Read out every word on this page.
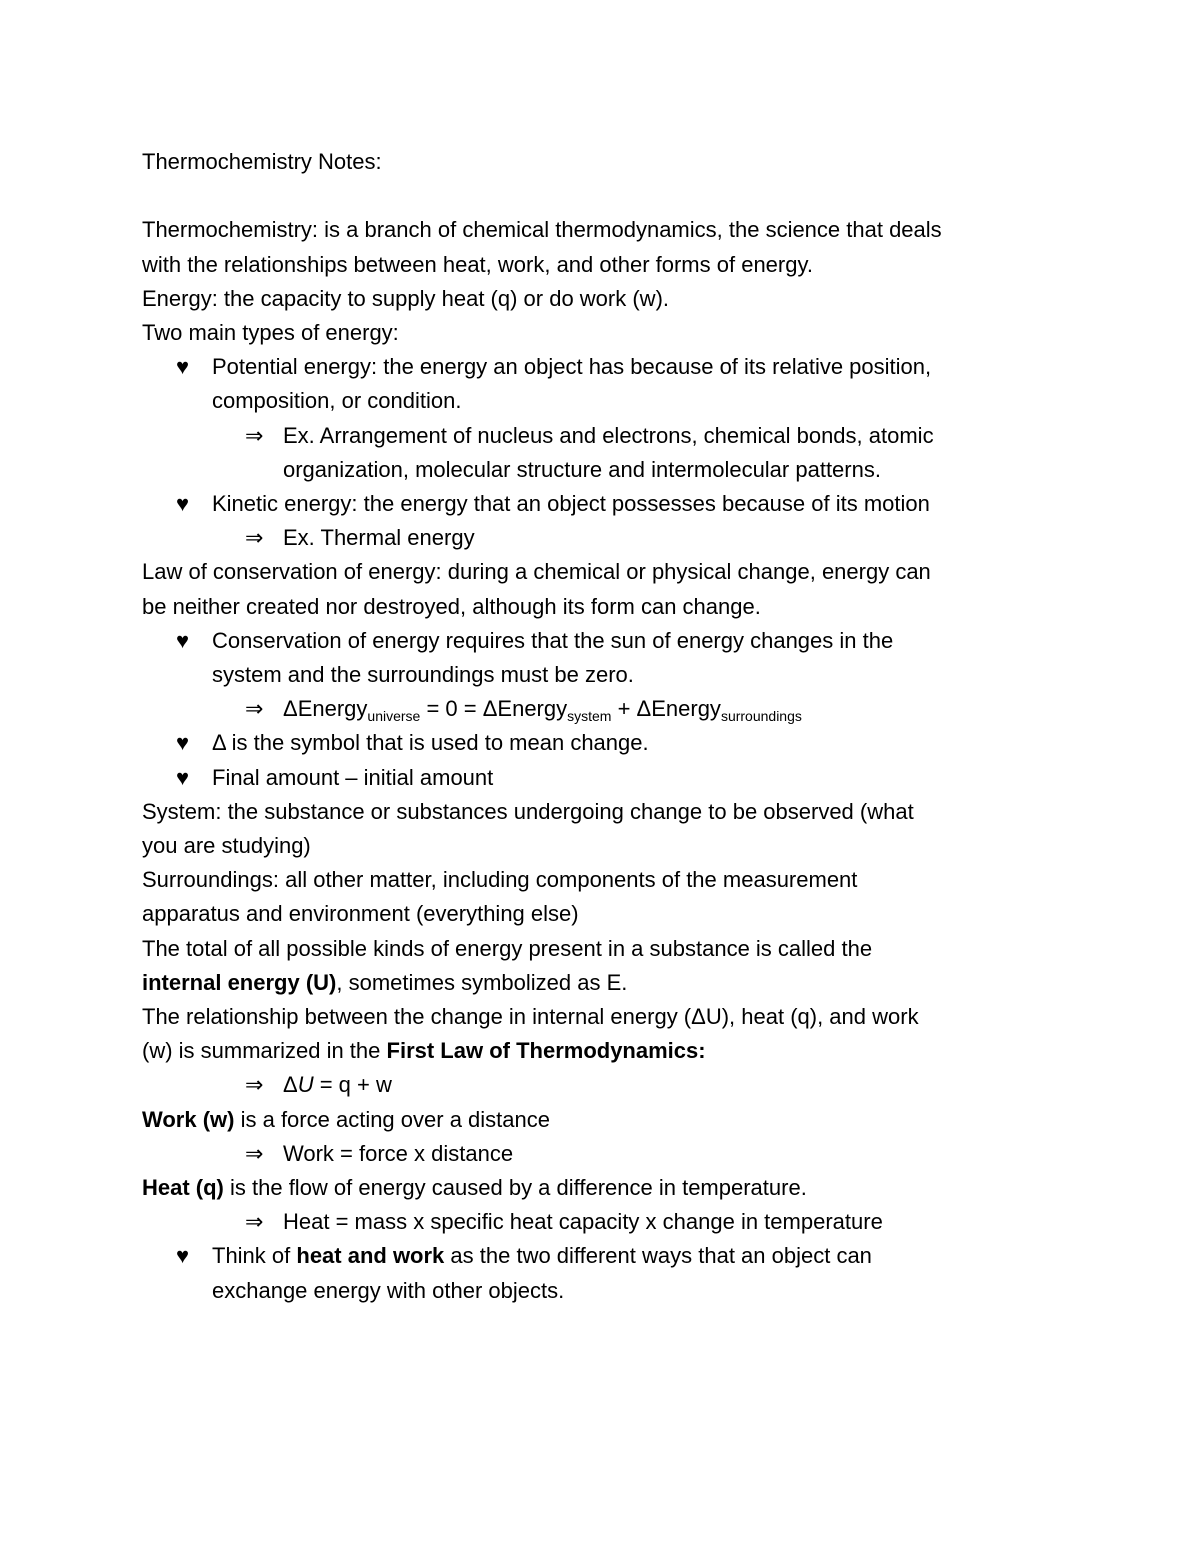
Thermochemistry Notes:

Thermochemistry: is a branch of chemical thermodynamics, the science that deals

with the relationships between heat, work, and other forms of energy.

Energy: the capacity to supply heat (q) or do work (w).

Two main types of energy:

♥ Potential energy: the energy an object has because of its relative position,

composition, or condition.

⇒ Ex. Arrangement of nucleus and electrons, chemical bonds, atomic

organization, molecular structure and intermolecular patterns.

♥ Kinetic energy: the energy that an object possesses because of its motion

⇒ Ex. Thermal energy

Law of conservation of energy: during a chemical or physical change, energy can

be neither created nor destroyed, although its form can change.

♥ Conservation of energy requires that the sun of energy changes in the

system and the surroundings must be zero.

⇒ ΔEnergy$_{universe}$ = 0 = ΔEnergy$_{system}$ + ΔEnergy$_{surroundings}$

♥ Δ is the symbol that is used to mean change.

♥ Final amount – initial amount

System: the substance or substances undergoing change to be observed (what

you are studying)

Surroundings: all other matter, including components of the measurement

apparatus and environment (everything else)

The total of all possible kinds of energy present in a substance is called the

internal energy (U), sometimes symbolized as E.

The relationship between the change in internal energy (ΔU), heat (q), and work

(w) is summarized in the First Law of Thermodynamics:

⇒ ΔU = q + w

Work (w) is a force acting over a distance

⇒ Work = force x distance

Heat (q) is the flow of energy caused by a difference in temperature.

⇒ Heat = mass x specific heat capacity x change in temperature

♥ Think of heat and work as the two different ways that an object can

exchange energy with other objects.
